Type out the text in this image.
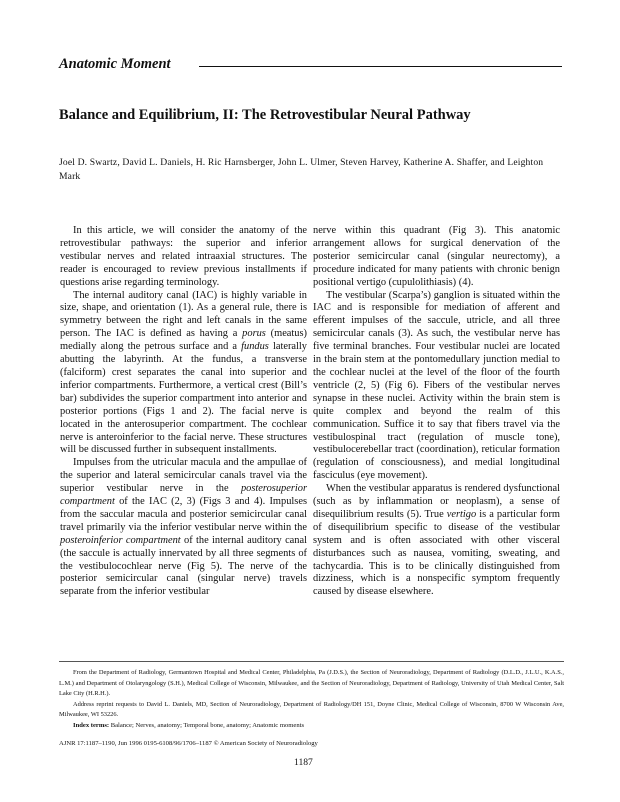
Anatomic Moment
Balance and Equilibrium, II: The Retrovestibular Neural Pathway
Joel D. Swartz, David L. Daniels, H. Ric Harnsberger, John L. Ulmer, Steven Harvey, Katherine A. Shaffer, and Leighton Mark

In this article, we will consider the anatomy of the retrovestibular pathways: the superior and inferior vestibular nerves and related intraaxial structures. The reader is encouraged to review previous installments if questions arise regarding terminology.

The internal auditory canal (IAC) is highly variable in size, shape, and orientation (1). As a general rule, there is symmetry between the right and left canals in the same person. The IAC is defined as having a porus (meatus) medially along the petrous surface and a fundus laterally abutting the labyrinth. At the fundus, a transverse (falciform) crest separates the canal into superior and inferior compartments. Furthermore, a vertical crest (Bill’s bar) subdivides the superior compartment into anterior and posterior portions (Figs 1 and 2). The facial nerve is located in the anterosuperior compartment. The cochlear nerve is anteroinferior to the facial nerve. These structures will be discussed further in subsequent installments.

Impulses from the utricular macula and the ampullae of the superior and lateral semicircular canals travel via the superior vestibular nerve in the posterosuperior compartment of the IAC (2, 3) (Figs 3 and 4). Impulses from the saccular macula and posterior semicircular canal travel primarily via the inferior vestibular nerve within the posteroinferior compartment of the internal auditory canal (the saccule is actually innervated by all three segments of the vestibulocochlear nerve (Fig 5). The nerve of the posterior semicircular canal (singular nerve) travels separate from the inferior vestibular

nerve within this quadrant (Fig 3). This anatomic arrangement allows for surgical denervation of the posterior semicircular canal (singular neurectomy), a procedure indicated for many patients with chronic benign positional vertigo (cupulolithiasis) (4).

The vestibular (Scarpa’s) ganglion is situated within the IAC and is responsible for mediation of afferent and efferent impulses of the saccule, utricle, and all three semicircular canals (3). As such, the vestibular nerve has five terminal branches. Four vestibular nuclei are located in the brain stem at the pontomedullary junction medial to the cochlear nuclei at the level of the floor of the fourth ventricle (2, 5) (Fig 6). Fibers of the vestibular nerves synapse in these nuclei. Activity within the brain stem is quite complex and beyond the realm of this communication. Suffice it to say that fibers travel via the vestibulospinal tract (regulation of muscle tone), vestibulocerebellar tract (coordination), reticular formation (regulation of consciousness), and medial longitudinal fasciculus (eye movement).

When the vestibular apparatus is rendered dysfunctional (such as by inflammation or neoplasm), a sense of disequilibrium results (5). True vertigo is a particular form of disequilibrium specific to disease of the vestibular system and is often associated with other visceral disturbances such as nausea, vomiting, sweating, and tachycardia. This is to be clinically distinguished from dizziness, which is a nonspecific symptom frequently caused by disease elsewhere.

From the Department of Radiology, Germantown Hospital and Medical Center, Philadelphia, Pa (J.D.S.), the Section of Neuroradiology, Department of Radiology (D.L.D., J.L.U., K.A.S., L.M.) and Department of Otolaryngology (S.H.), Medical College of Wisconsin, Milwaukee, and the Section of Neuroradiology, Department of Radiology, University of Utah Medical Center, Salt Lake City (H.R.H.).

Address reprint requests to David L. Daniels, MD, Section of Neuroradiology, Department of Radiology/DH 151, Doyne Clinic, Medical College of Wisconsin, 8700 W Wisconsin Ave, Milwaukee, WI 53226.

Index terms: Balance; Nerves, anatomy; Temporal bone, anatomy; Anatomic moments

AJNR 17:1187–1190, Jun 1996 0195-6108/96/1706–1187 © American Society of Neuroradiology
1187
